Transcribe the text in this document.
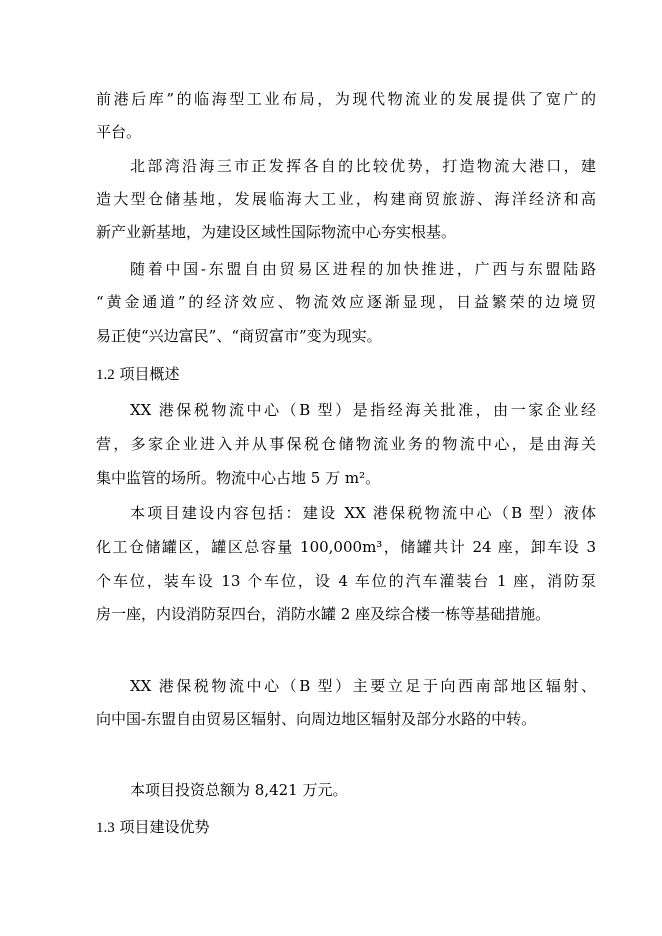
前港后库”的临海型工业布局，为现代物流业的发展提供了宽广的
平台。
北部湾沿海三市正发挥各自的比较优势，打造物流大港口，建
造大型仓储基地，发展临海大工业，构建商贸旅游、海洋经济和高
新产业新基地，为建设区域性国际物流中心夯实根基。
随着中国-东盟自由贸易区进程的加快推进，广西与东盟陆路
“黄金通道”的经济效应、物流效应逐渐显现，日益繁荣的边境贸
易正使“兴边富民”、“商贸富市”变为现实。
1.2 项目概述
XX 港保税物流中心（B 型）是指经海关批准，由一家企业经
营，多家企业进入并从事保税仓储物流业务的物流中心，是由海关
集中监管的场所。物流中心占地 5 万 m²。
本项目建设内容包括：建设 XX 港保税物流中心（B 型）液体
化工仓储罐区，罐区总容量 100,000m³，储罐共计 24 座，卸车设 3
个车位，装车设 13 个车位，设 4 车位的汽车灌装台 1 座，消防泵
房一座，内设消防泵四台，消防水罐 2 座及综合楼一栋等基础措施。
XX 港保税物流中心（B 型）主要立足于向西南部地区辐射、
向中国-东盟自由贸易区辐射、向周边地区辐射及部分水路的中转。
本项目投资总额为 8,421 万元。
1.3 项目建设优势
